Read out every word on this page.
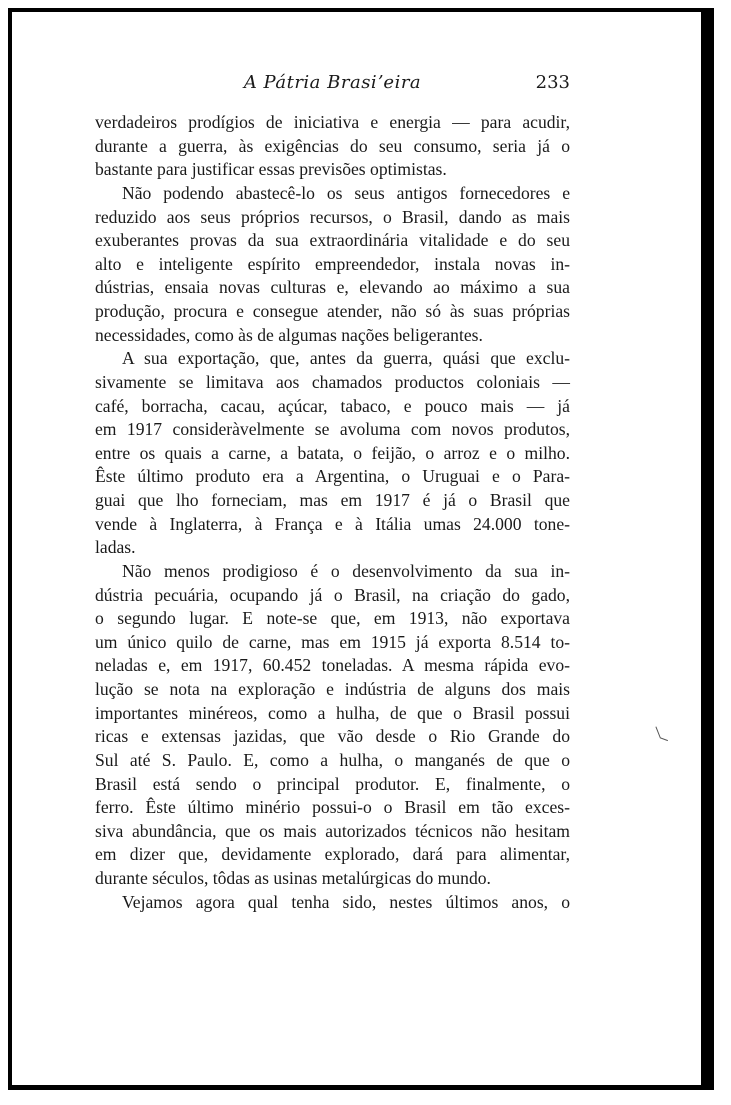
A Pátria Brasiʼeira	233
verdadeiros prodígios de iniciativa e energia — para acudir,
durante a guerra, às exigências do seu consumo, seria já o
bastante para justificar essas previsões optimistas.
Não podendo abastecê-lo os seus antigos fornecedores e
reduzido aos seus próprios recursos, o Brasil, dando as mais
exuberantes provas da sua extraordinária vitalidade e do seu
alto e inteligente espírito empreendedor, instala novas in-
dústrias, ensaia novas culturas e, elevando ao máximo a sua
produção, procura e consegue atender, não só às suas próprias
necessidades, como às de algumas nações beligerantes.
A sua exportação, que, antes da guerra, quási que exclu-
sivamente se limitava aos chamados productos coloniais —
café, borracha, cacau, açúcar, tabaco, e pouco mais — já
em 1917 consideràvelmente se avoluma com novos produtos,
entre os quais a carne, a batata, o feijão, o arroz e o milho.
Êste último produto era a Argentina, o Uruguai e o Para-
guai que lho forneciam, mas em 1917 é já o Brasil que
vende à Inglaterra, à França e à Itália umas 24.000 tone-
ladas.
Não menos prodigioso é o desenvolvimento da sua in-
dústria pecuária, ocupando já o Brasil, na criação do gado,
o segundo lugar. E note-se que, em 1913, não exportava
um único quilo de carne, mas em 1915 já exporta 8.514 to-
neladas e, em 1917, 60.452 toneladas. A mesma rápida evo-
lução se nota na exploração e indústria de alguns dos mais
importantes minéreos, como a hulha, de que o Brasil possui
ricas e extensas jazidas, que vão desde o Rio Grande do
Sul até S. Paulo. E, como a hulha, o manganés de que o
Brasil está sendo o principal produtor. E, finalmente, o
ferro. Êste último minério possui-o o Brasil em tão exces-
siva abundância, que os mais autorizados técnicos não hesitam
em dizer que, devidamente explorado, dará para alimentar,
durante séculos, tôdas as usinas metalúrgicas do mundo.
Vejamos agora qual tenha sido, nestes últimos anos, o
